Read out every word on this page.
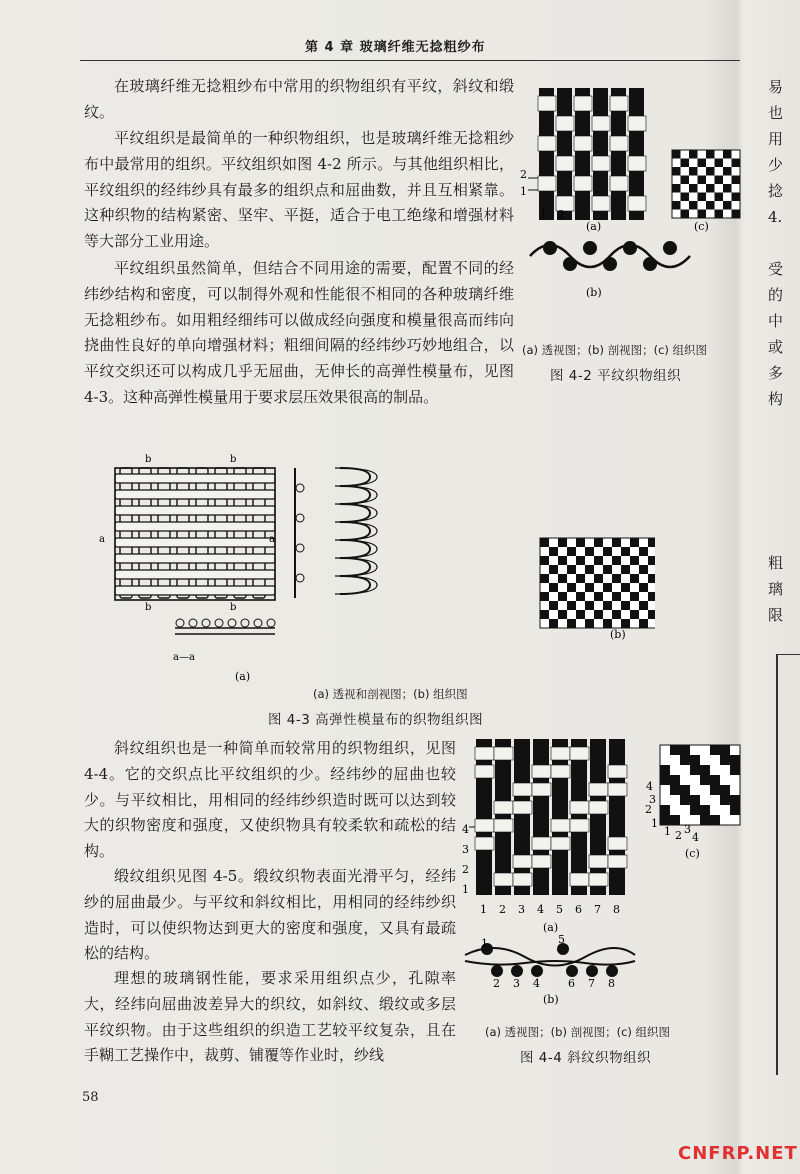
第 4 章 玻璃纤维无捻粗纱布

在玻璃纤维无捻粗纱布中常用的织物组织有平纹，斜纹和缎纹。

平纹组织是最简单的一种织物组织，也是玻璃纤维无捻粗纱布中最常用的组织。平纹组织如图 4-2 所示。与其他组织相比，平纹组织的经纬纱具有最多的组织点和屈曲数，并且互相紧靠。这种织物的结构紧密、坚牢、平挺，适合于电工绝缘和增强材料等大部分工业用途。

平纹组织虽然简单，但结合不同用途的需要，配置不同的经纬纱结构和密度，可以制得外观和性能很不相同的各种玻璃纤维无捻粗纱布。如用粗经细纬可以做成经向强度和模量很高而纬向挠曲性良好的单向增强材料；粗细间隔的经纬纱巧妙地组合，以平纹交织还可以构成几乎无屈曲，无伸长的高弹性模量布，见图 4-3。这种高弹性模量用于要求层压效果很高的制品。

2
1
1 2
(a)	(c)
(b)
(a) 透视图；(b) 剖视图；(c) 组织图
图 4-2 平纹织物组织
a—a
b	b
a	a
b	b
(a)
(b)
(a) 透视和剖视图；(b) 组织图
图 4-3 高弹性模量布的织物组织图

斜纹组织也是一种简单而较常用的织物组织，见图 4-4。它的交织点比平纹组织的少。经纬纱的屈曲也较少。与平纹相比，用相同的经纬纱织造时既可以达到较大的织物密度和强度，又使织物具有较柔软和疏松的结构。

缎纹组织见图 4-5。缎纹织物表面光滑平匀，经纬纱的屈曲最少。与平纹和斜纹相比，用相同的经纬纱织造时，可以使织物达到更大的密度和强度，又具有最疏松的结构。

理想的玻璃钢性能，要求采用组织点少，孔隙率大，经纬向屈曲波差异大的织纹，如斜纹、缎纹或多层平纹织物。由于这些组织的织造工艺较平纹复杂，且在手糊工艺操作中，裁剪、铺覆等作业时，纱线

4
3
2
1
1 2 3 4 5 6 7 8
(a)
4
3
2
1
1 2 3
4
(c)
1	5
2 3 4	6 7 8
(b)
(a) 透视图；(b) 剖视图；(c) 组织图
图 4-4 斜纹织物组织
58
易
也
用
少
捻
4.
受
的
中
或
多
构
粗
璃
限
CNFRP.NET
